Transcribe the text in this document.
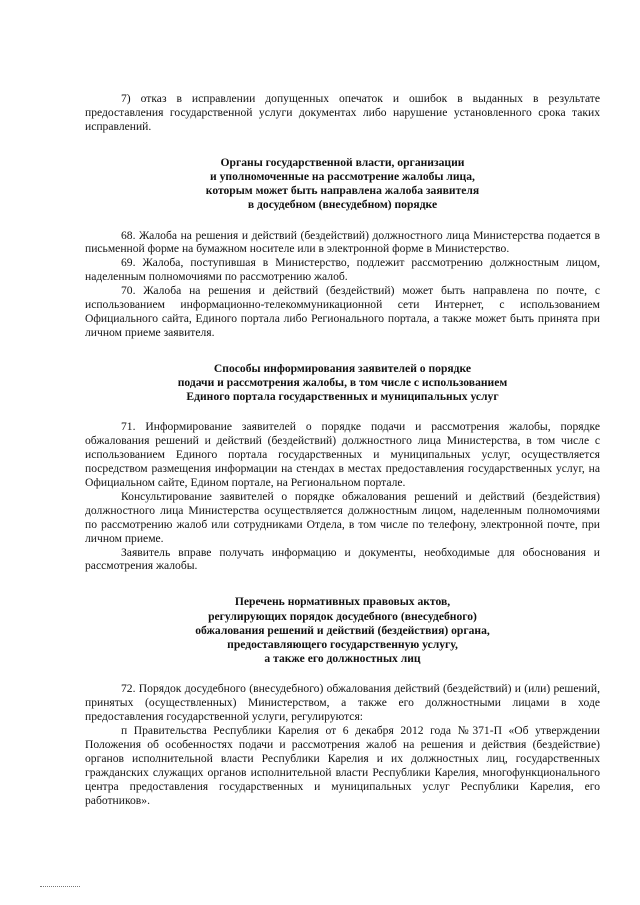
7) отказ в исправлении допущенных опечаток и ошибок в выданных в результате предоставления государственной услуги документах либо нарушение установленного срока таких исправлений.

Органы государственной власти, организации
и уполномоченные на рассмотрение жалобы лица,
которым может быть направлена жалоба заявителя
в досудебном (внесудебном) порядке

68. Жалоба на решения и действий (бездействий) должностного лица Министерства подается в письменной форме на бумажном носителе или в электронной форме в Министерство.

69. Жалоба, поступившая в Министерство, подлежит рассмотрению должностным лицом, наделенным полномочиями по рассмотрению жалоб.

70. Жалоба на решения и действий (бездействий) может быть направлена по почте, с использованием информационно-телекоммуникационной сети Интернет, с использованием Официального сайта, Единого портала либо Регионального портала, а также может быть принята при личном приеме заявителя.

Способы информирования заявителей о порядке
подачи и рассмотрения жалобы, в том числе с использованием
Единого портала государственных и муниципальных услуг

71. Информирование заявителей о порядке подачи и рассмотрения жалобы, порядке обжалования решений и действий (бездействий) должностного лица Министерства, в том числе с использованием Единого портала государственных и муниципальных услуг, осуществляется посредством размещения информации на стендах в местах предоставления государственных услуг, на Официальном сайте, Едином портале, на Региональном портале.

Консультирование заявителей о порядке обжалования решений и действий (бездействия) должностного лица Министерства осуществляется должностным лицом, наделенным полномочиями по рассмотрению жалоб или сотрудниками Отдела, в том числе по телефону, электронной почте, при личном приеме.

Заявитель вправе получать информацию и документы, необходимые для обоснования и рассмотрения жалобы.

Перечень нормативных правовых актов,
регулирующих порядок досудебного (внесудебного)
обжалования решений и действий (бездействия) органа,
предоставляющего государственную услугу,
а также его должностных лиц

72. Порядок досудебного (внесудебного) обжалования действий (бездействий) и (или) решений, принятых (осуществленных) Министерством, а также его должностными лицами в ходе предоставления государственной услуги, регулируются:

п Правительства Республики Карелия от 6 декабря 2012 года №371-П «Об утверждении Положения об особенностях подачи и рассмотрения жалоб на решения и действия (бездействие) органов исполнительной власти Республики Карелия и их должностных лиц, государственных гражданских служащих органов исполнительной власти Республики Карелия, многофункционального центра предоставления государственных и муниципальных услуг Республики Карелия, его работников».
